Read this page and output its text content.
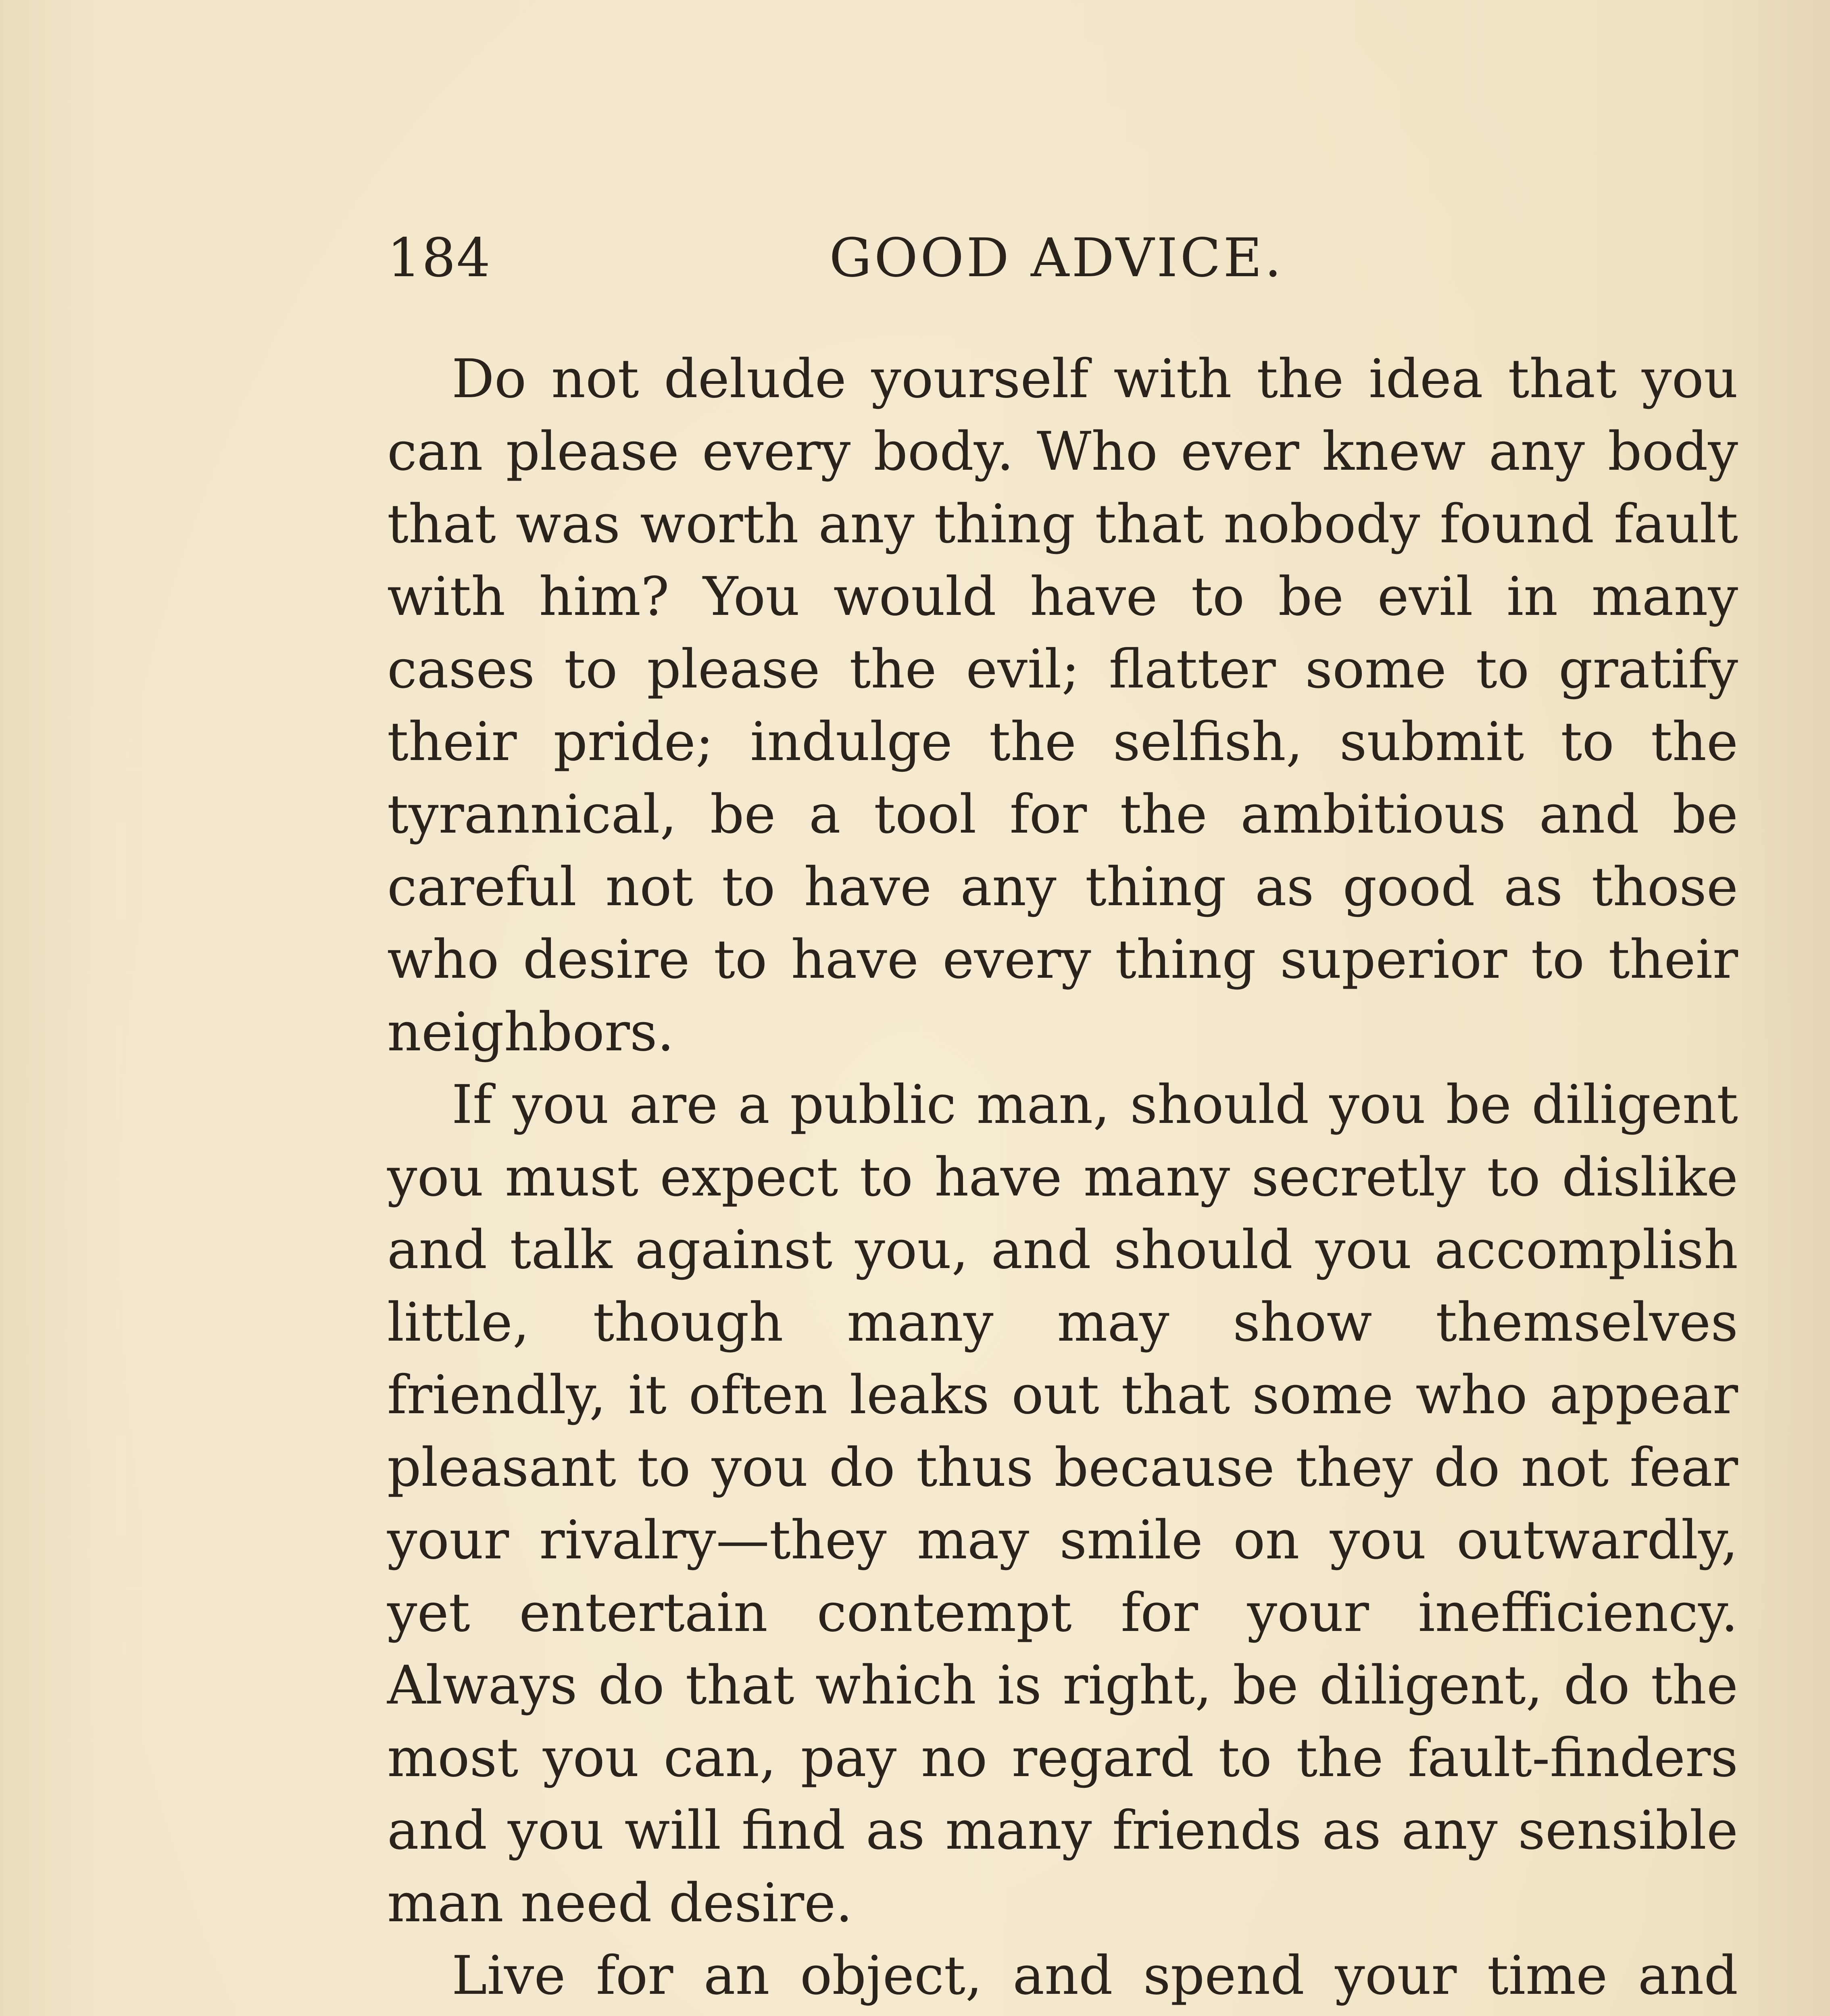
184	GOOD ADVICE.

Do not delude yourself with the idea that you can please every body. Who ever knew any body that was worth any thing that nobody found fault with him? You would have to be evil in many cases to please the evil; flatter some to gratify their pride; indulge the selfish, submit to the tyrannical, be a tool for the ambitious and be careful not to have any thing as good as those who desire to have every thing superior to their neighbors.

If you are a public man, should you be diligent you must expect to have many secretly to dislike and talk against you, and should you accomplish little, though many may show themselves friendly, it often leaks out that some who appear pleasant to you do thus because they do not fear your rivalry—they may smile on you outwardly, yet entertain contempt for your inefficiency. Always do that which is right, be diligent, do the most you can, pay no regard to the fault-finders and you will find as many friends as any sensible man need desire.

Live for an object, and spend your time and
